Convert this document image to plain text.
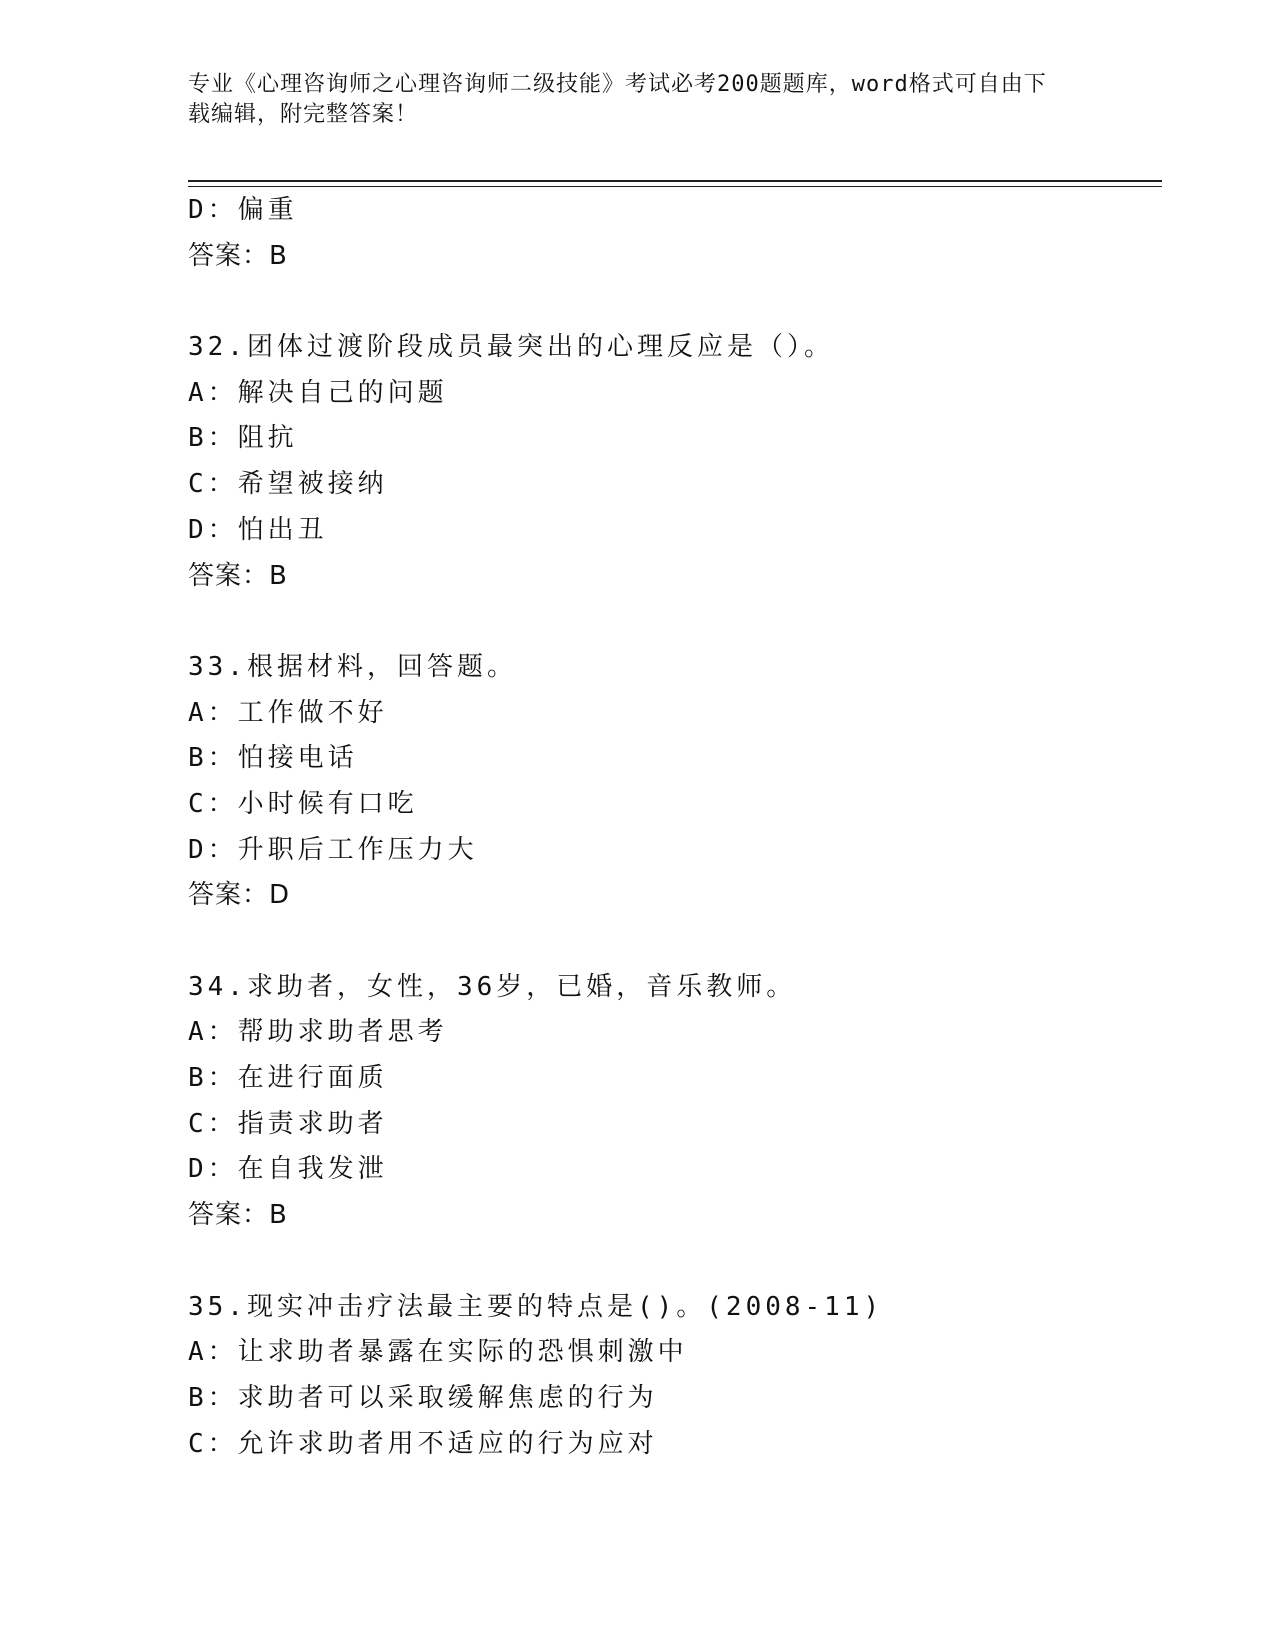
专业《心理咨询师之心理咨询师二级技能》考试必考200题题库，word格式可自由下载编辑，附完整答案！
D：偏重
答案：B
32.团体过渡阶段成员最突出的心理反应是（）。
A：解决自己的问题
B：阻抗
C：希望被接纳
D：怕出丑
答案：B
33.根据材料，回答题。
A：工作做不好
B：怕接电话
C：小时候有口吃
D：升职后工作压力大
答案：D
34.求助者，女性，36岁，已婚，音乐教师。
A：帮助求助者思考
B：在进行面质
C：指责求助者
D：在自我发泄
答案：B
35.现实冲击疗法最主要的特点是()。(2008-11)
A：让求助者暴露在实际的恐惧刺激中
B：求助者可以采取缓解焦虑的行为
C：允许求助者用不适应的行为应对
